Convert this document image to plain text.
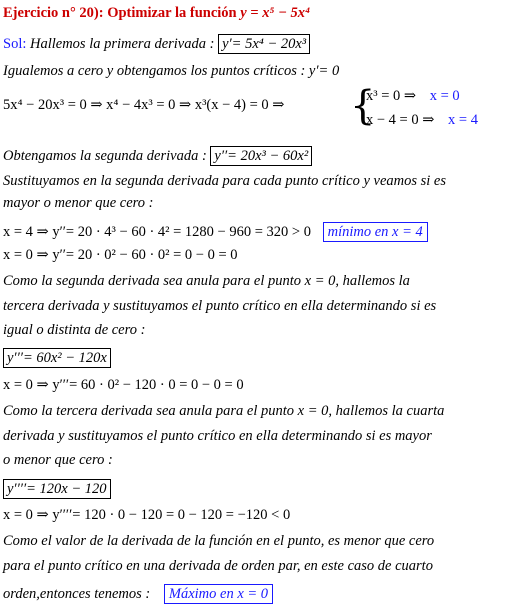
Ejercicio n° 20): Optimizar la función y = x⁵ − 5x⁴
Sol: Hallemos la primera derivada : y′= 5x⁴ − 20x³
Igualemos a cero y obtengamos los puntos críticos : y′= 0
5x⁴ − 20x³ = 0 ⇒ x⁴ − 4x³ = 0 ⇒ x³(x − 4) = 0 ⇒ {
x³ = 0 ⇒ x = 0
x − 4 = 0 ⇒ x = 4
Obtengamos la segunda derivada : y′′= 20x³ − 60x²
Sustituyamos en la segunda derivada para cada punto crítico y veamos si es
mayor o menor que cero :
x = 4 ⇒ y′′= 20 · 4³ − 60 · 4² = 1280 − 960 = 320 > 0 mínimo en x = 4
x = 0 ⇒ y′′= 20 · 0² − 60 · 0² = 0 − 0 = 0
Como la segunda derivada sea anula para el punto x = 0, hallemos la
tercera derivada y sustituyamos el punto crítico en ella determinando si es
igual o distinta de cero :
y′′′= 60x² − 120x
x = 0 ⇒ y′′′= 60 · 0² − 120 · 0 = 0 − 0 = 0
Como la tercera derivada sea anula para el punto x = 0, hallemos la cuarta
derivada y sustituyamos el punto crítico en ella determinando si es mayor
o menor que cero :
y′′′′= 120x − 120
x = 0 ⇒ y′′′′= 120 · 0 − 120 = 0 − 120 = −120 < 0
Como el valor de la derivada de la función en el punto, es menor que cero
para el punto crítico en una derivada de orden par, en este caso de cuarto
orden,entonces tenemos : Máximo en x = 0
